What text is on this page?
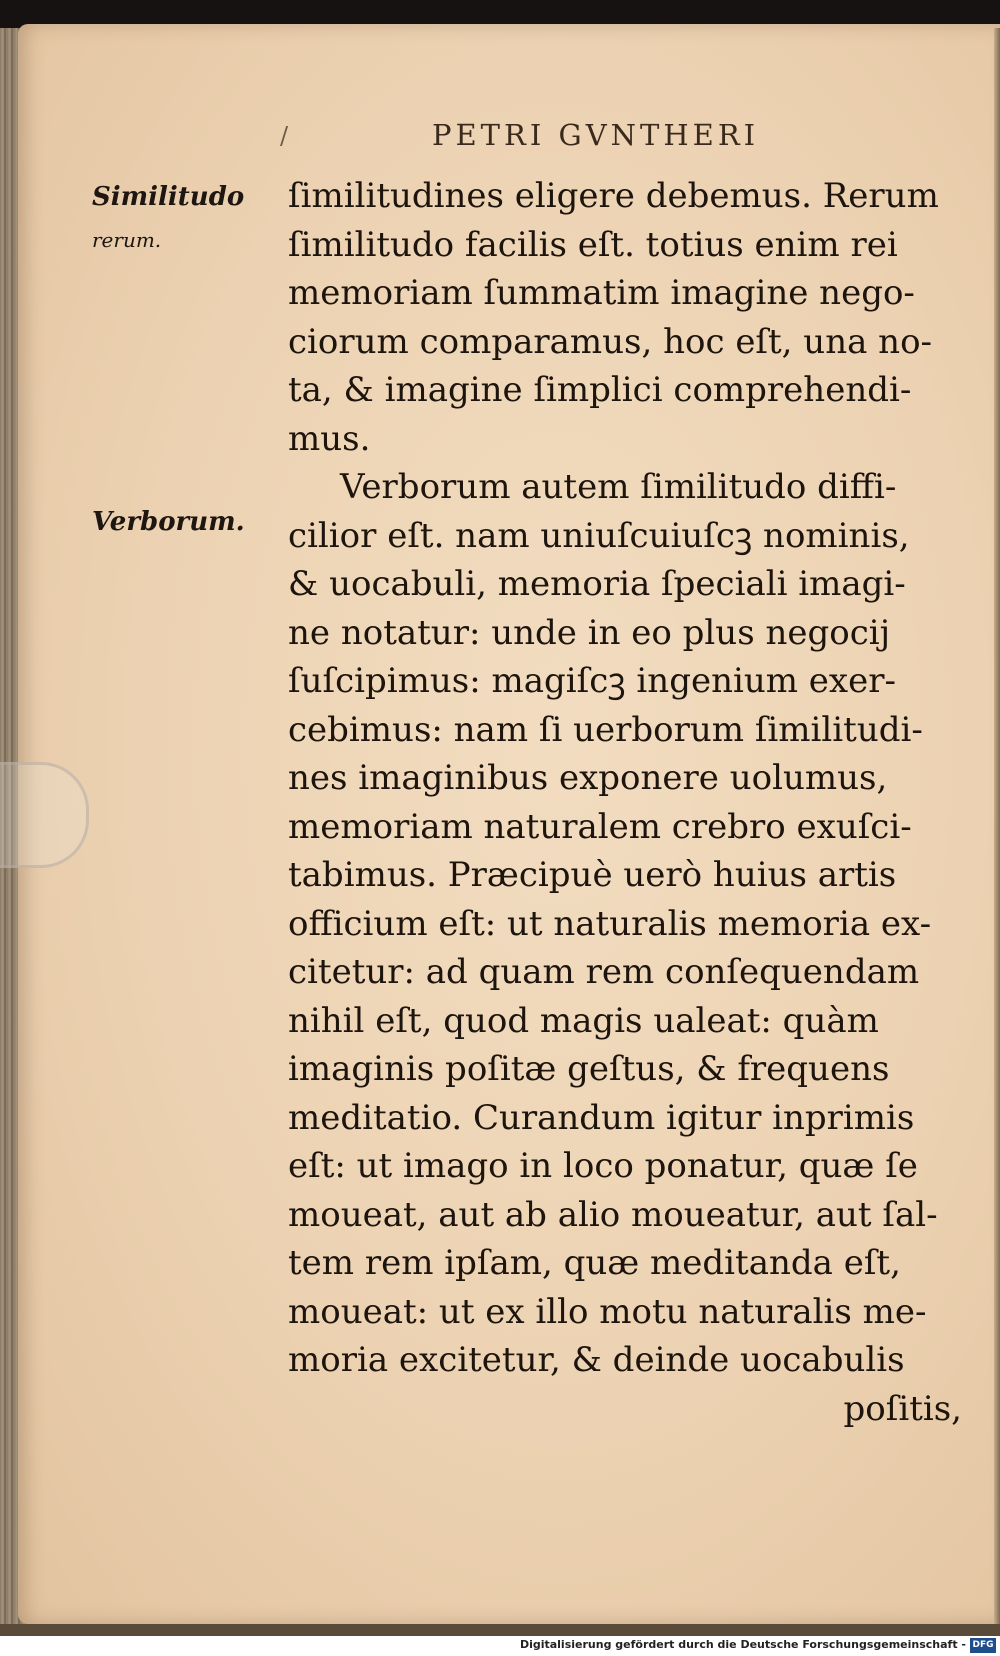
/	PETRI GVNTHERI
Similitudo
rerum.
Verborum.
ſimilitudines eligere debemus. Rerum
ſimilitudo facilis eſt. totius enim rei
memoriam ſummatim imagine nego-
ciorum comparamus, hoc eſt, una no-
ta, & imagine ſimplici comprehendi-
mus.
Verborum autem ſimilitudo diffi-
cilior eſt. nam uniuſcuiuſcꝫ nominis,
& uocabuli, memoria ſpeciali imagi-
ne notatur: unde in eo plus negocij
ſuſcipimus: magiſcꝫ ingenium exer-
cebimus: nam ſi uerborum ſimilitudi-
nes imaginibus exponere uolumus,
memoriam naturalem crebro exuſci-
tabimus. Præcipuè uerò huius artis
officium eſt: ut naturalis memoria ex-
citetur: ad quam rem conſequendam
nihil eſt, quod magis ualeat: quàm
imaginis poſitæ geſtus, & frequens
meditatio. Curandum igitur inprimis
eſt: ut imago in loco ponatur, quæ ſe
moueat, aut ab alio moueatur, aut ſal-
tem rem ipſam, quæ meditanda eſt,
moueat: ut ex illo motu naturalis me-
moria excitetur, & deinde uocabulis
poſitis,
Digitalisierung gefördert durch die Deutsche Forschungsgemeinschaft - DFG
